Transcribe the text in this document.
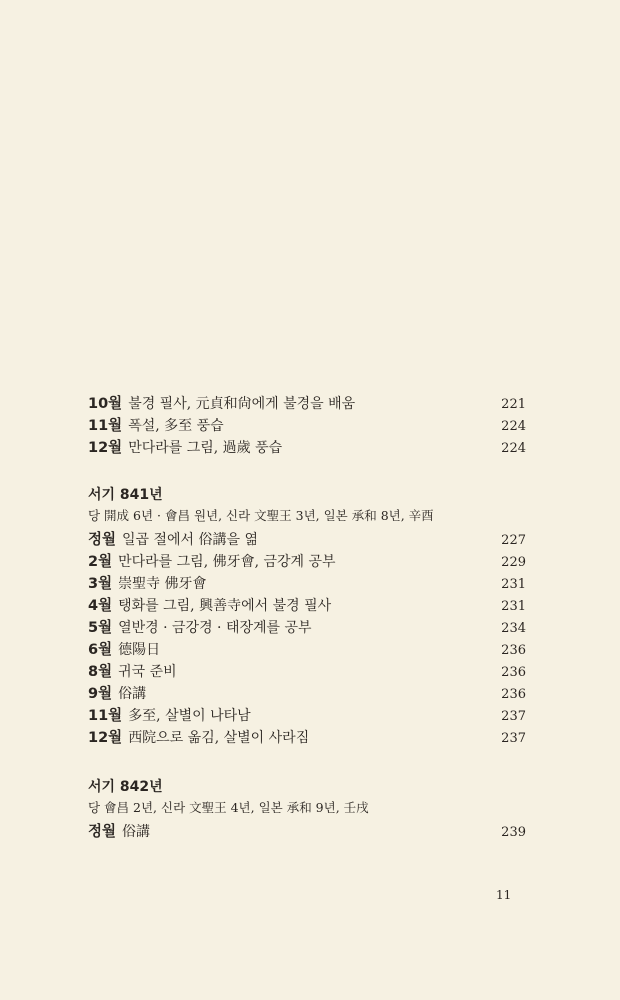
10월 불경 필사, 元貞和尙에게 불경을 배움	221
11월 폭설, 多至 풍습	224
12월 만다라를 그림, 過歲 풍습	224
서기 841년
당 開成 6년 · 會昌 원년, 신라 文聖王 3년, 일본 承和 8년, 辛酉
정월 일곱 절에서 俗講을 엶	227
2월 만다라를 그림, 佛牙會, 금강계 공부	229
3월 崇聖寺 佛牙會	231
4월 탱화를 그림, 興善寺에서 불경 필사	231
5월 열반경 · 금강경 · 태장계를 공부	234
6월 德陽日	236
8월 귀국 준비	236
9월 俗講	236
11월 多至, 살별이 나타남	237
12월 西院으로 옮김, 살별이 사라짐	237
서기 842년
당 會昌 2년, 신라 文聖王 4년, 일본 承和 9년, 壬戌
정월 俗講	239
11
